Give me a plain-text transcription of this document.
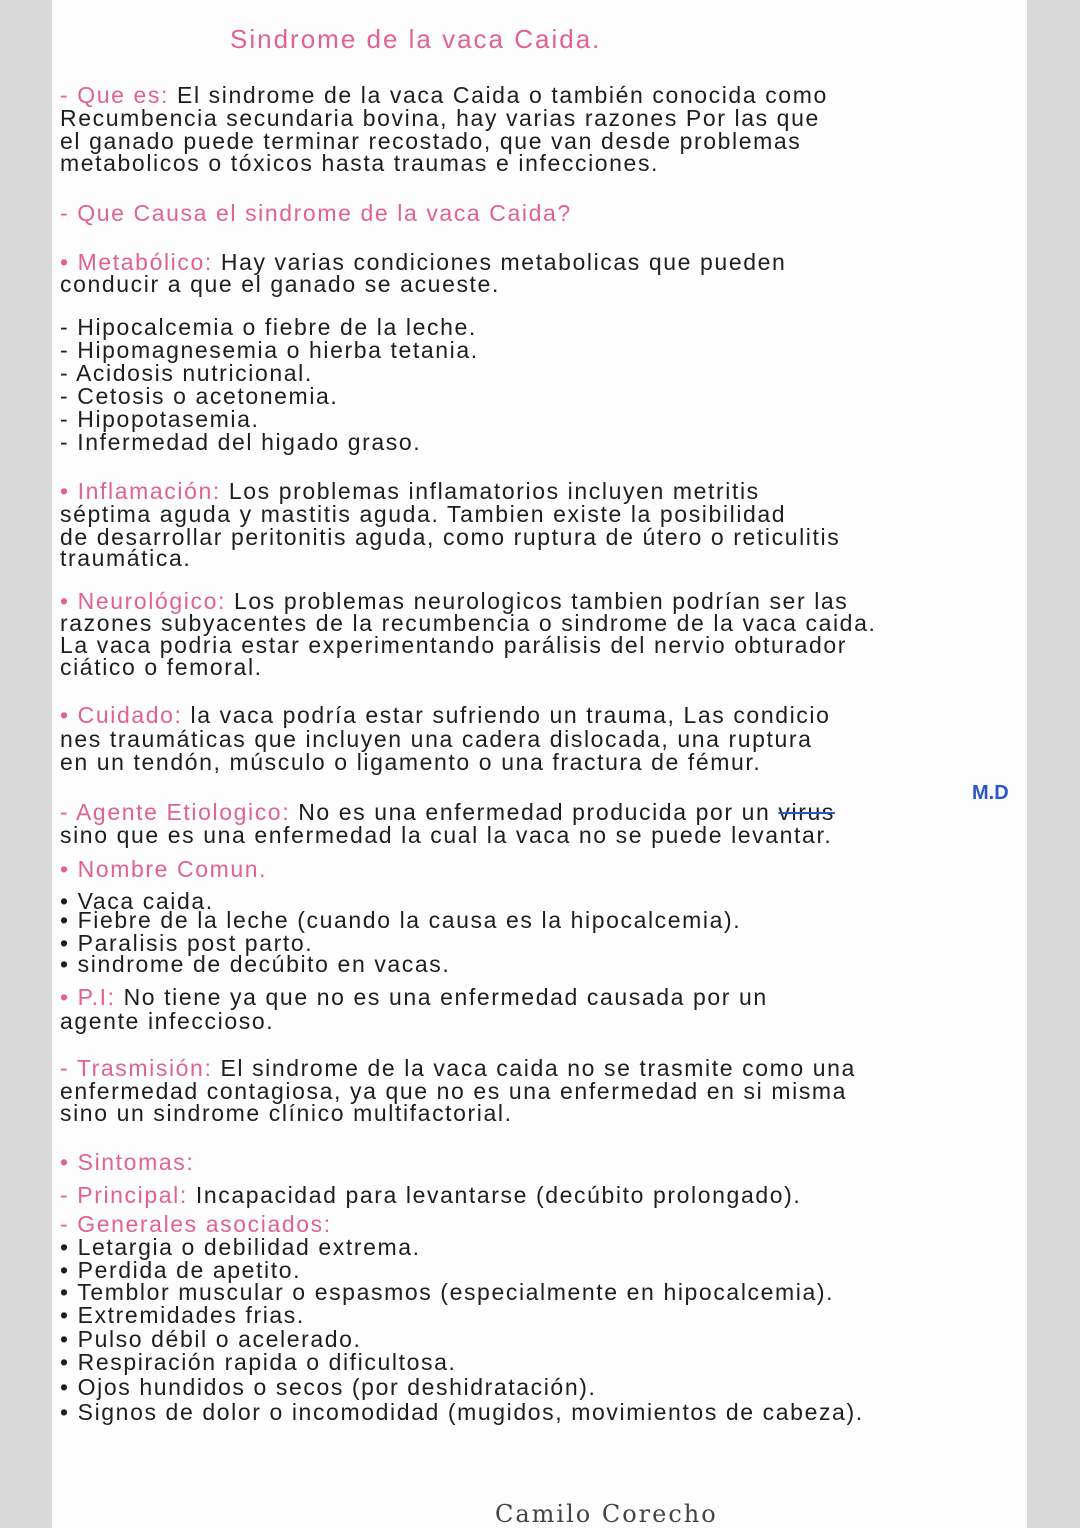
Sindrome de la vaca Caida.
- Que es: El sindrome de la vaca Caida o también conocida como
Recumbencia secundaria bovina, hay varias razones Por las que
el ganado puede terminar recostado, que van desde problemas
metabolicos o tóxicos hasta traumas e infecciones.
- Que Causa el sindrome de la vaca Caida?
• Metabólico: Hay varias condiciones metabolicas que pueden
conducir a que el ganado se acueste.
- Hipocalcemia o fiebre de la leche.
- Hipomagnesemia o hierba tetania.
- Acidosis nutricional.
- Cetosis o acetonemia.
- Hipopotasemia.
- Infermedad del higado graso.
• Inflamación: Los problemas inflamatorios incluyen metritis
séptima aguda y mastitis aguda. Tambien existe la posibilidad
de desarrollar peritonitis aguda, como ruptura de útero o reticulitis
traumática.
• Neurológico: Los problemas neurologicos tambien podrían ser las
razones subyacentes de la recumbencia o sindrome de la vaca caida.
La vaca podria estar experimentando parálisis del nervio obturador
ciático o femoral.
• Cuidado: la vaca podría estar sufriendo un trauma, Las condicio
nes traumáticas que incluyen una cadera dislocada, una ruptura
en un tendón, músculo o ligamento o una fractura de fémur.
M.D
- Agente Etiologico: No es una enfermedad producida por un virus
sino que es una enfermedad la cual la vaca no se puede levantar.
• Nombre Comun.
• Vaca caida.
• Fiebre de la leche (cuando la causa es la hipocalcemia).
• Paralisis post parto.
• sindrome de decúbito en vacas.
• P.I: No tiene ya que no es una enfermedad causada por un
agente infeccioso.
- Trasmisión: El sindrome de la vaca caida no se trasmite como una
enfermedad contagiosa, ya que no es una enfermedad en si misma
sino un sindrome clínico multifactorial.
• Sintomas:
- Principal: Incapacidad para levantarse (decúbito prolongado).
- Generales asociados:
• Letargia o debilidad extrema.
• Perdida de apetito.
• Temblor muscular o espasmos (especialmente en hipocalcemia).
• Extremidades frias.
• Pulso débil o acelerado.
• Respiración rapida o dificultosa.
• Ojos hundidos o secos (por deshidratación).
• Signos de dolor o incomodidad (mugidos, movimientos de cabeza).
Camilo Corecho
